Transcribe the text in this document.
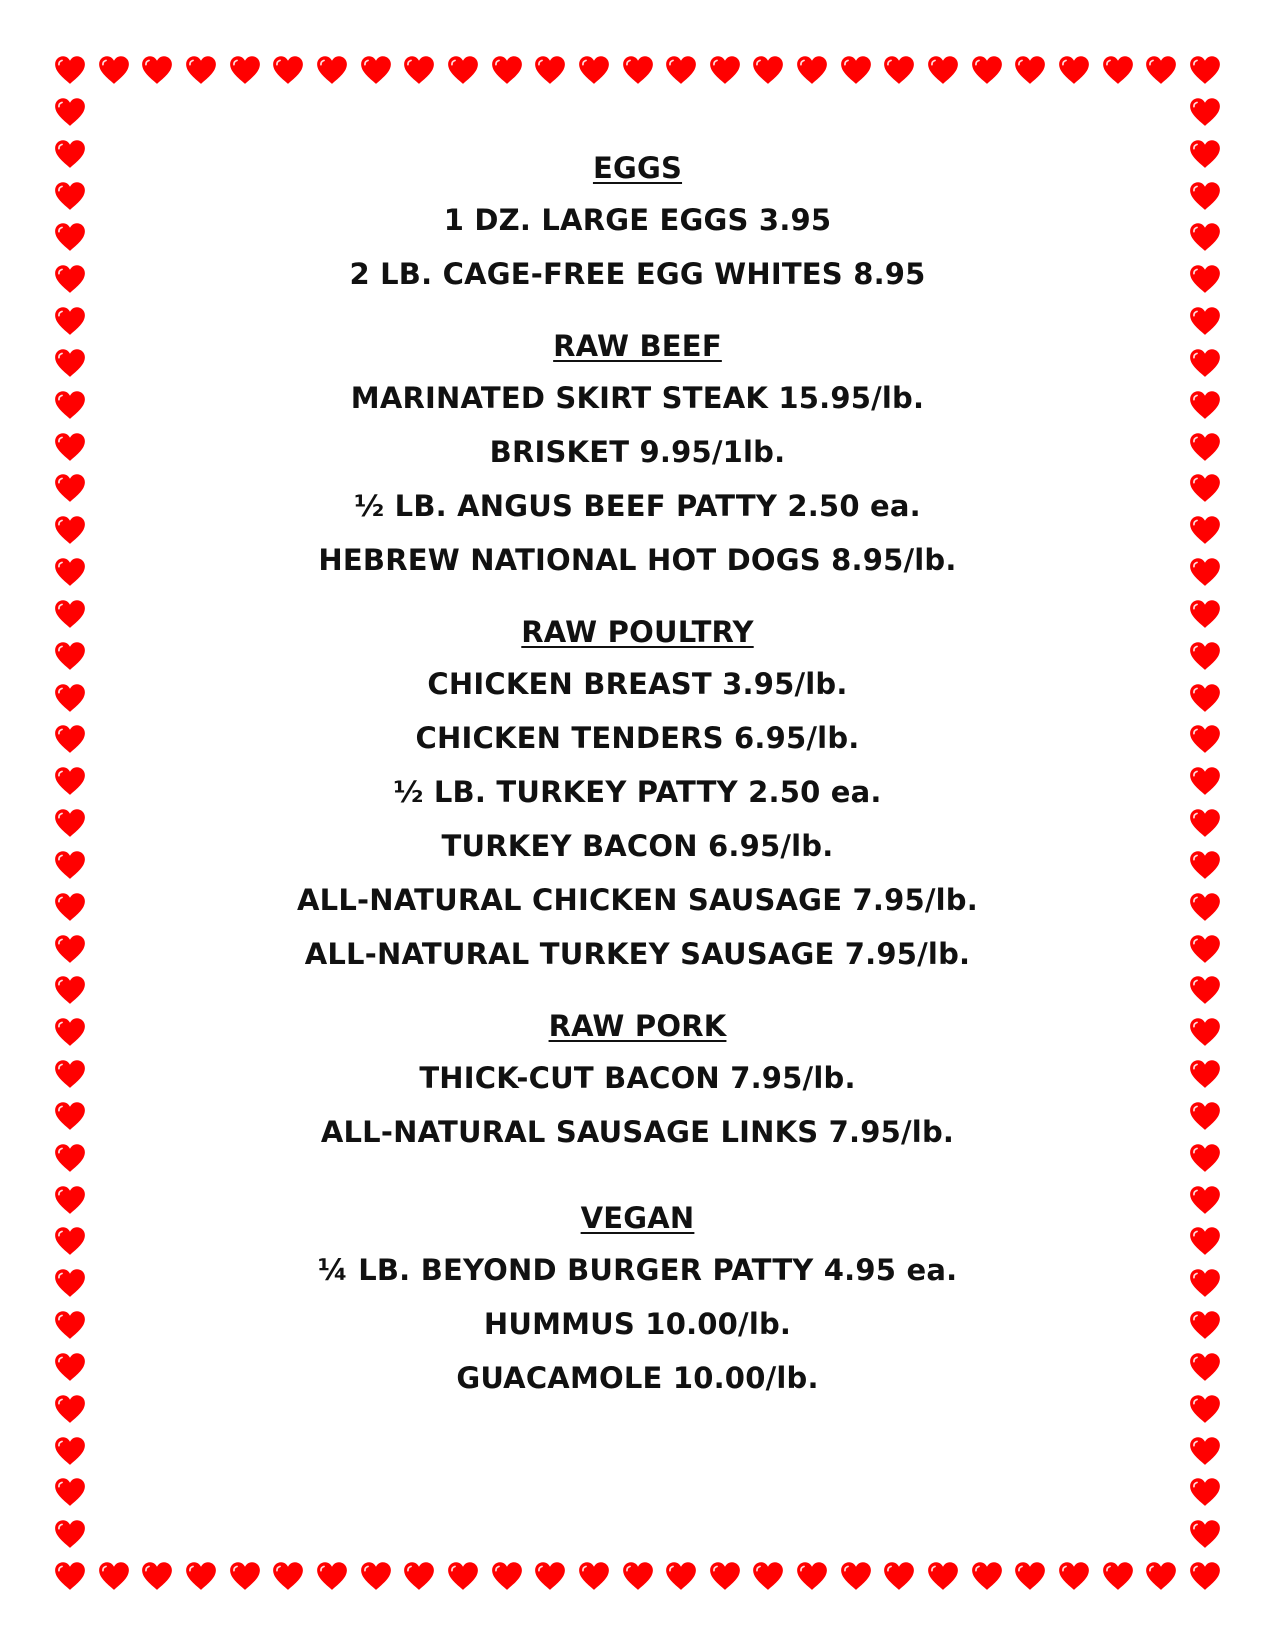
EGGS
1 DZ. LARGE EGGS 3.95
2 LB. CAGE-FREE EGG WHITES 8.95
RAW BEEF
MARINATED SKIRT STEAK 15.95/lb.
BRISKET 9.95/1lb.
½ LB. ANGUS BEEF PATTY 2.50 ea.
HEBREW NATIONAL HOT DOGS 8.95/lb.
RAW POULTRY
CHICKEN BREAST 3.95/lb.
CHICKEN TENDERS 6.95/lb.
½ LB. TURKEY PATTY 2.50 ea.
TURKEY BACON 6.95/lb.
ALL-NATURAL CHICKEN SAUSAGE 7.95/lb.
ALL-NATURAL TURKEY SAUSAGE 7.95/lb.
RAW PORK
THICK-CUT BACON 7.95/lb.
ALL-NATURAL SAUSAGE LINKS 7.95/lb.
VEGAN
¼ LB. BEYOND BURGER PATTY 4.95 ea.
HUMMUS 10.00/lb.
GUACAMOLE 10.00/lb.
